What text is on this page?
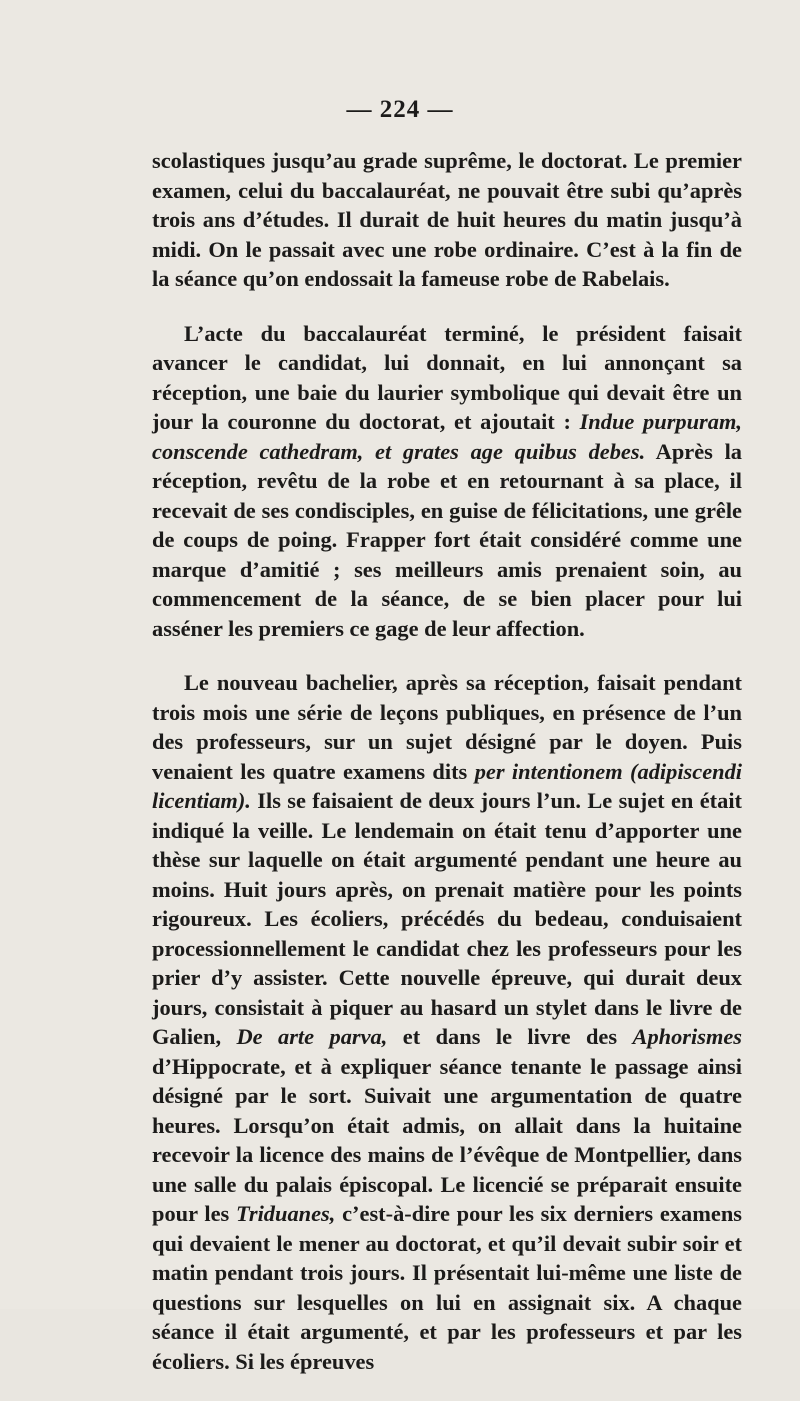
— 224 —

scolastiques jusqu’au grade suprême, le doctorat. Le premier examen, celui du baccalauréat, ne pouvait être subi qu’après trois ans d’études. Il durait de huit heures du matin jusqu’à midi. On le passait avec une robe ordinaire. C’est à la fin de la séance qu’on endossait la fameuse robe de Rabelais.

L’acte du baccalauréat terminé, le président faisait avancer le candidat, lui donnait, en lui annonçant sa réception, une baie du laurier symbolique qui devait être un jour la couronne du doctorat, et ajoutait : Indue purpuram, conscende cathedram, et grates age quibus debes. Après la réception, revêtu de la robe et en retournant à sa place, il recevait de ses condisciples, en guise de félicitations, une grêle de coups de poing. Frapper fort était considéré comme une marque d’amitié ; ses meilleurs amis prenaient soin, au commencement de la séance, de se bien placer pour lui asséner les premiers ce gage de leur affection.

Le nouveau bachelier, après sa réception, faisait pendant trois mois une série de leçons publiques, en présence de l’un des professeurs, sur un sujet désigné par le doyen. Puis venaient les quatre examens dits per intentionem (adipiscendi licentiam). Ils se faisaient de deux jours l’un. Le sujet en était indiqué la veille. Le lendemain on était tenu d’apporter une thèse sur laquelle on était argumenté pendant une heure au moins. Huit jours après, on prenait matière pour les points rigoureux. Les écoliers, précédés du bedeau, conduisaient processionnellement le candidat chez les professeurs pour les prier d’y assister. Cette nouvelle épreuve, qui durait deux jours, consistait à piquer au hasard un stylet dans le livre de Galien, De arte parva, et dans le livre des Aphorismes d’Hippocrate, et à expliquer séance tenante le passage ainsi désigné par le sort. Suivait une argumentation de quatre heures. Lorsqu’on était admis, on allait dans la huitaine recevoir la licence des mains de l’évêque de Montpellier, dans une salle du palais épiscopal. Le licencié se préparait ensuite pour les Triduanes, c’est-à-dire pour les six derniers examens qui devaient le mener au doctorat, et qu’il devait subir soir et matin pendant trois jours. Il présentait lui-même une liste de questions sur lesquelles on lui en assignait six. A chaque séance il était argumenté, et par les professeurs et par les écoliers. Si les épreuves
